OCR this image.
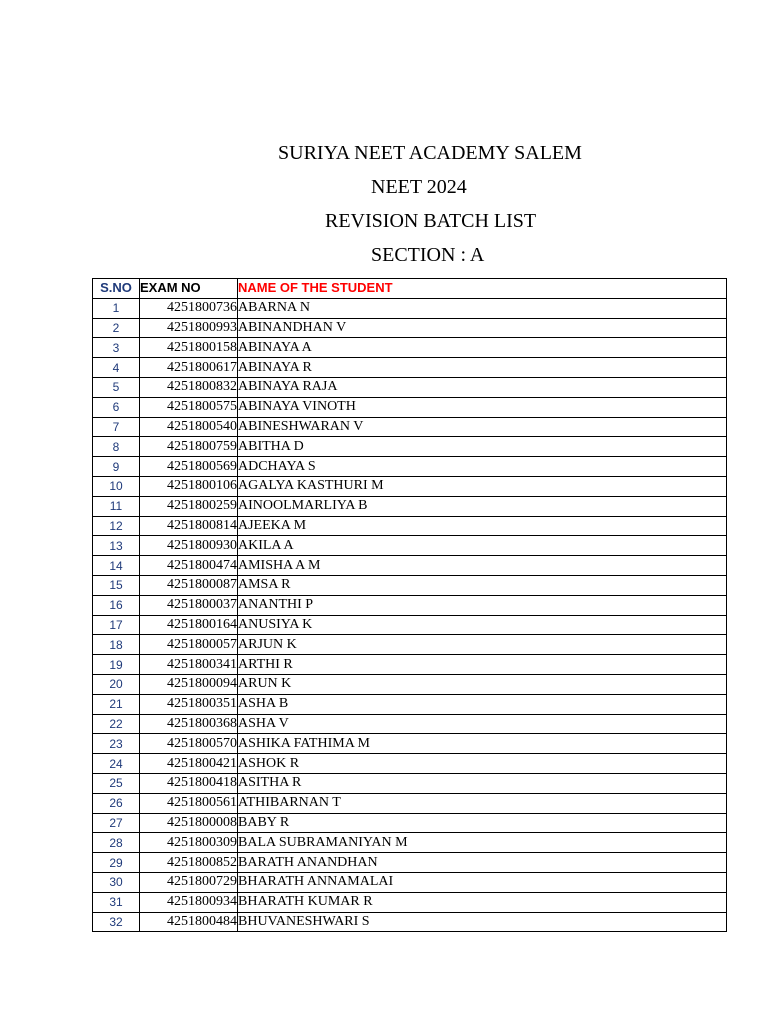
SURIYA NEET ACADEMY SALEM
NEET 2024
REVISION BATCH LIST
SECTION : A
S.NO	EXAM NO	NAME OF THE STUDENT
1	4251800736	ABARNA N
2	4251800993	ABINANDHAN V
3	4251800158	ABINAYA A
4	4251800617	ABINAYA R
5	4251800832	ABINAYA RAJA
6	4251800575	ABINAYA VINOTH
7	4251800540	ABINESHWARAN V
8	4251800759	ABITHA D
9	4251800569	ADCHAYA S
10	4251800106	AGALYA KASTHURI M
11	4251800259	AINOOLMARLIYA B
12	4251800814	AJEEKA M
13	4251800930	AKILA A
14	4251800474	AMISHA A M
15	4251800087	AMSA R
16	4251800037	ANANTHI P
17	4251800164	ANUSIYA K
18	4251800057	ARJUN K
19	4251800341	ARTHI R
20	4251800094	ARUN K
21	4251800351	ASHA B
22	4251800368	ASHA V
23	4251800570	ASHIKA FATHIMA M
24	4251800421	ASHOK R
25	4251800418	ASITHA R
26	4251800561	ATHIBARNAN T
27	4251800008	BABY R
28	4251800309	BALA SUBRAMANIYAN M
29	4251800852	BARATH ANANDHAN
30	4251800729	BHARATH ANNAMALAI
31	4251800934	BHARATH KUMAR R
32	4251800484	BHUVANESHWARI S
